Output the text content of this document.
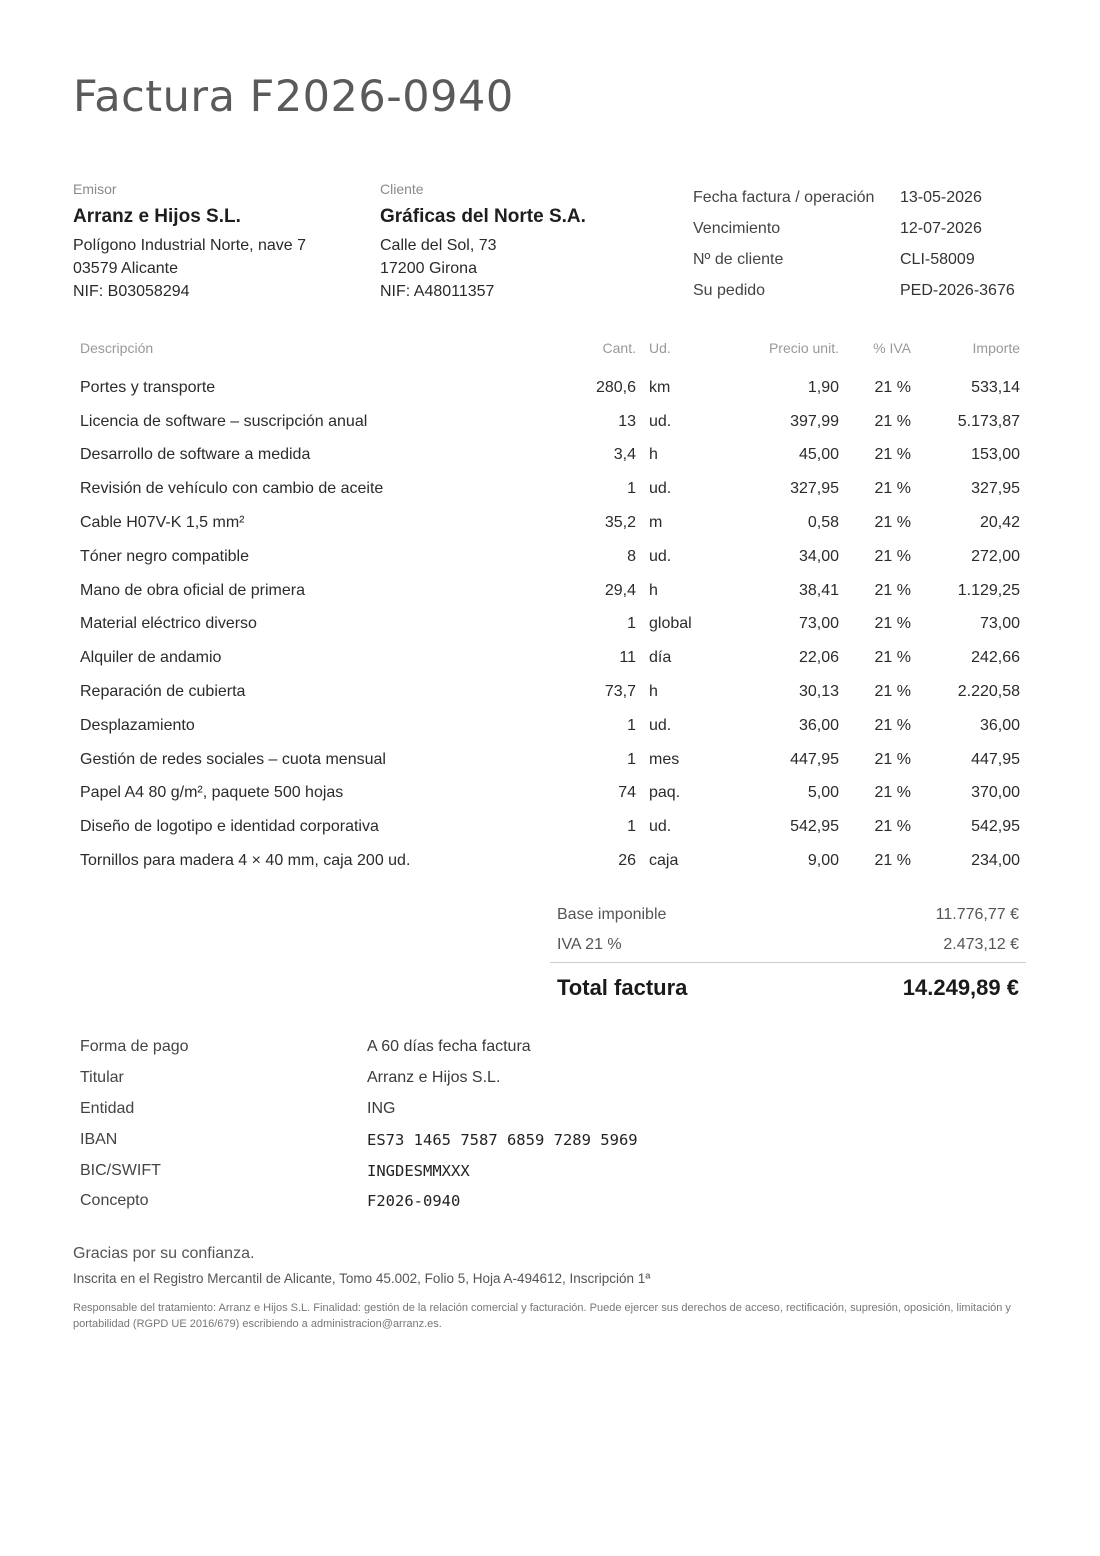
Factura F2026-0940
Emisor
Arranz e Hijos S.L.
Polígono Industrial Norte, nave 7
03579 Alicante
NIF: B03058294
Cliente
Gráficas del Norte S.A.
Calle del Sol, 73
17200 Girona
NIF: A48011357
Fecha factura / operación	13-05-2026
Vencimiento	12-07-2026
Nº de cliente	CLI-58009
Su pedido	PED-2026-3676
Descripción	Cant. Ud.	Precio unit.	% IVA	Importe
Portes y transporte	280,6 km	1,90	21 %	533,14
Licencia de software – suscripción anual	13 ud.	397,99	21 %	5.173,87
Desarrollo de software a medida	3,4 h	45,00	21 %	153,00
Revisión de vehículo con cambio de aceite	1 ud.	327,95	21 %	327,95
Cable H07V-K 1,5 mm²	35,2 m	0,58	21 %	20,42
Tóner negro compatible	8 ud.	34,00	21 %	272,00
Mano de obra oficial de primera	29,4 h	38,41	21 %	1.129,25
Material eléctrico diverso	1 global	73,00	21 %	73,00
Alquiler de andamio	11 día	22,06	21 %	242,66
Reparación de cubierta	73,7 h	30,13	21 %	2.220,58
Desplazamiento	1 ud.	36,00	21 %	36,00
Gestión de redes sociales – cuota mensual	1 mes	447,95	21 %	447,95
Papel A4 80 g/m², paquete 500 hojas	74 paq.	5,00	21 %	370,00
Diseño de logotipo e identidad corporativa	1 ud.	542,95	21 %	542,95
Tornillos para madera 4 × 40 mm, caja 200 ud.	26 caja	9,00	21 %	234,00
Base imponible	11.776,77 €
IVA 21 %	2.473,12 €
Total factura	14.249,89 €
Forma de pago	A 60 días fecha factura
Titular	Arranz e Hijos S.L.
Entidad	ING
IBAN	ES73 1465 7587 6859 7289 5969
BIC/SWIFT	INGDESMMXXX
Concepto	F2026-0940
Gracias por su confianza.
Inscrita en el Registro Mercantil de Alicante, Tomo 45.002, Folio 5, Hoja A-494612, Inscripción 1ª
Responsable del tratamiento: Arranz e Hijos S.L. Finalidad: gestión de la relación comercial y facturación. Puede ejercer sus derechos de acceso, rectificación, supresión, oposición, limitación y portabilidad (RGPD UE 2016/679) escribiendo a administracion@arranz.es.
